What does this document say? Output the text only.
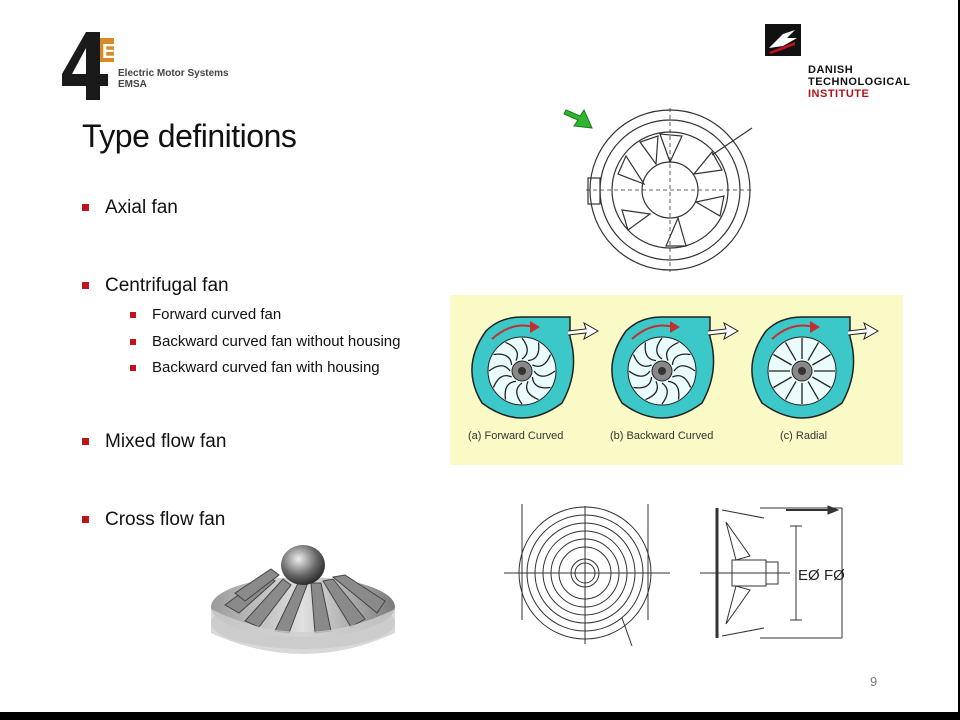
E
Electric Motor Systems
EMSA
DANISH
TECHNOLOGICAL
INSTITUTE
Type definitions
Axial fan
Centrifugal fan
Forward curved fan
Backward curved fan without housing
Backward curved fan with housing
Mixed flow fan
Cross flow fan
(a) Forward Curved	(b) Backward Curved	(c) Radial
EØ FØ
9
